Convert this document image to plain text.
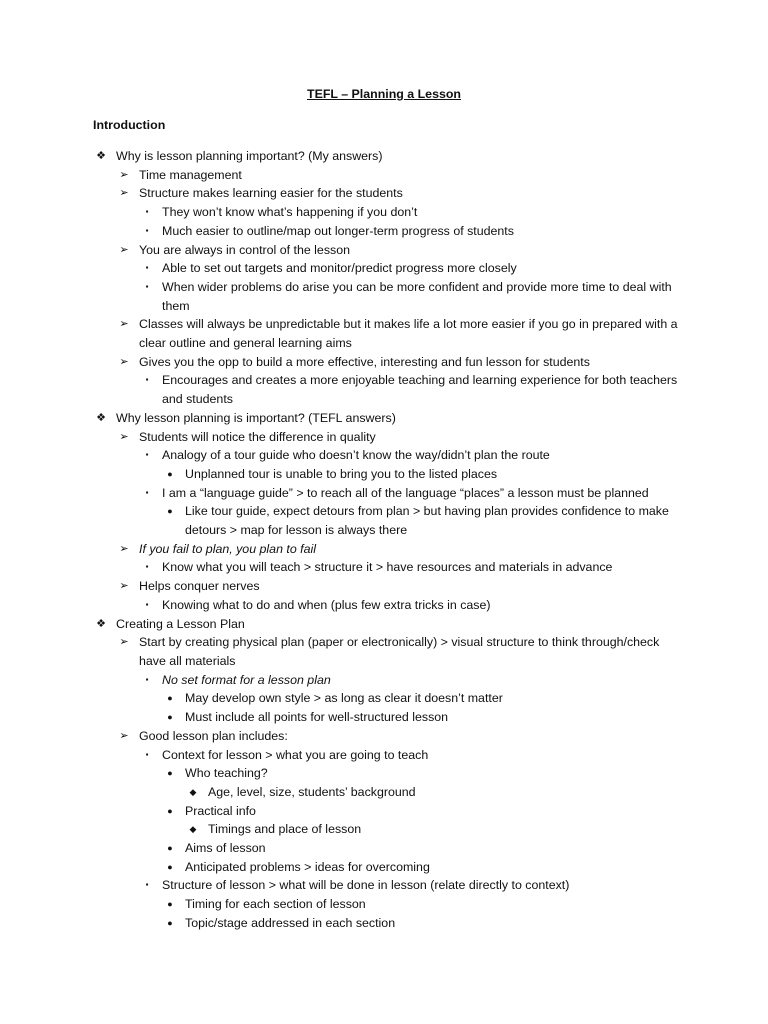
TEFL – Planning a Lesson
Introduction
❖ Why is lesson planning important? (My answers)
➢ Time management
➢ Structure makes learning easier for the students
▪	They won’t know what’s happening if you don’t
▪	Much easier to outline/map out longer-term progress of students
➢ You are always in control of the lesson
▪	Able to set out targets and monitor/predict progress more closely
▪	When wider problems do arise you can be more confident and provide more time to deal with them
➢ Classes will always be unpredictable but it makes life a lot more easier if you go in prepared with a clear outline and general learning aims
➢ Gives you the opp to build a more effective, interesting and fun lesson for students
▪	Encourages and creates a more enjoyable teaching and learning experience for both teachers and students
❖ Why lesson planning is important? (TEFL answers)
➢ Students will notice the difference in quality
▪	Analogy of a tour guide who doesn’t know the way/didn’t plan the route
● Unplanned tour is unable to bring you to the listed places
▪	I am a “language guide” > to reach all of the language “places” a lesson must be planned
● Like tour guide, expect detours from plan > but having plan provides confidence to make detours > map for lesson is always there
➢ If you fail to plan, you plan to fail
▪	Know what you will teach > structure it > have resources and materials in advance
➢ Helps conquer nerves
▪	Knowing what to do and when (plus few extra tricks in case)
❖ Creating a Lesson Plan
➢ Start by creating physical plan (paper or electronically) > visual structure to think through/check have all materials
▪	No set format for a lesson plan
● May develop own style > as long as clear it doesn’t matter
● Must include all points for well-structured lesson
➢ Good lesson plan includes:
▪	Context for lesson > what you are going to teach
● Who teaching?
◆ Age, level, size, students’ background
● Practical info
◆ Timings and place of lesson
● Aims of lesson
● Anticipated problems > ideas for overcoming
▪	Structure of lesson > what will be done in lesson (relate directly to context)
● Timing for each section of lesson
● Topic/stage addressed in each section
